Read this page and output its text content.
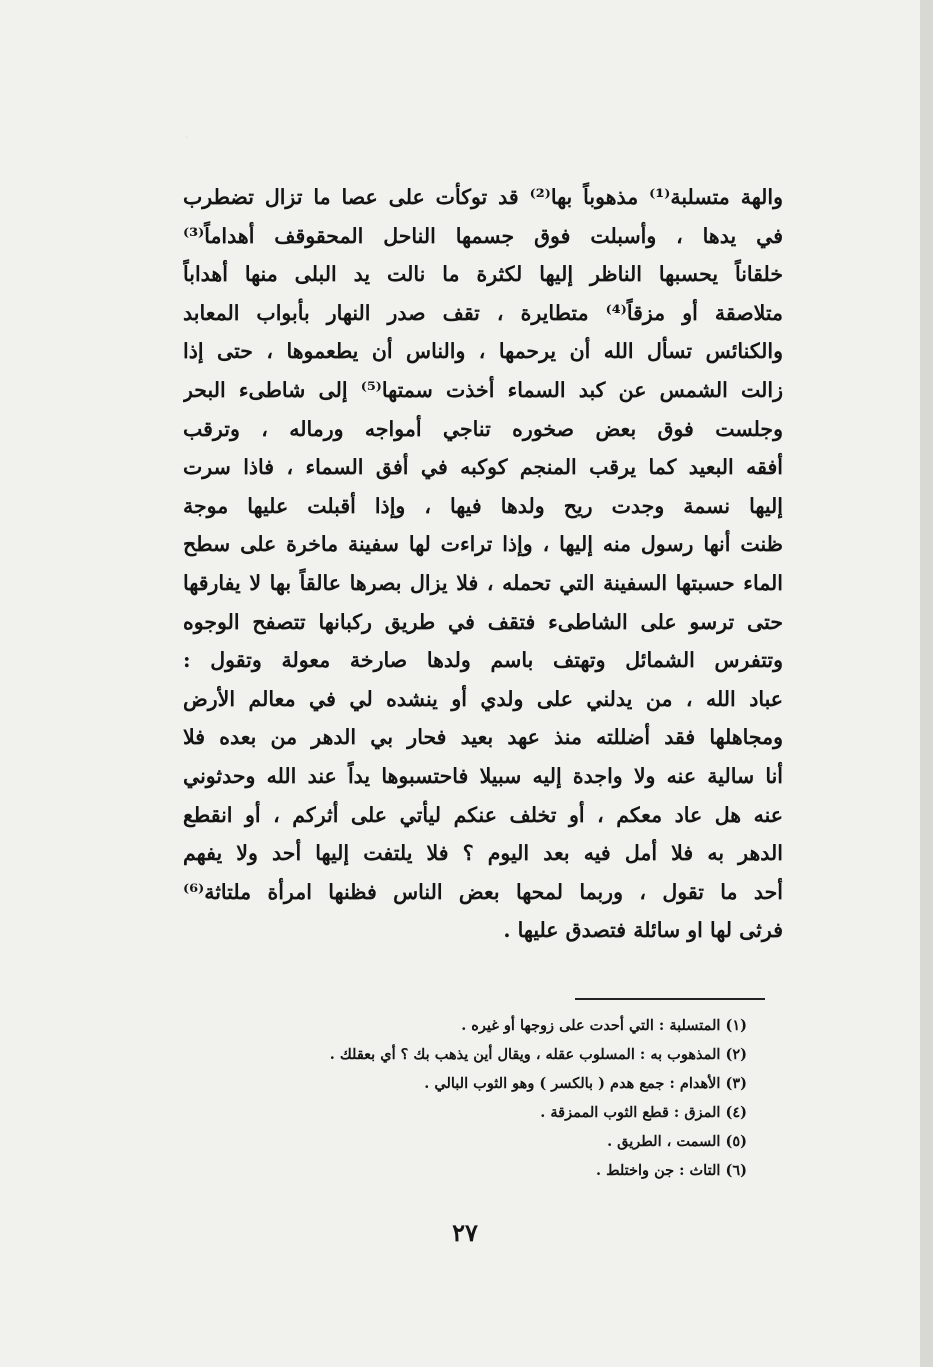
والهة متسلبة⁽¹⁾ مذهوباً بها⁽²⁾ قد توكأت على عصا ما تزال تضطرب
في يدها ، وأسبلت فوق جسمها الناحل المحقوقف أهداماً⁽³⁾
خلقاناً يحسبها الناظر إليها لكثرة ما نالت يد البلى منها أهداباً
متلاصقة أو مزقاً⁽⁴⁾ متطايرة ، تقف صدر النهار بأبواب المعابد
والكنائس تسأل الله أن يرحمها ، والناس أن يطعموها ، حتى إذا
زالت الشمس عن كبد السماء أخذت سمتها⁽⁵⁾ إلى شاطىء البحر
وجلست فوق بعض صخوره تناجي أمواجه ورماله ، وترقب
أفقه البعيد كما يرقب المنجم كوكبه في أفق السماء ، فاذا سرت
إليها نسمة وجدت ريح ولدها فيها ، وإذا أقبلت عليها موجة
ظنت أنها رسول منه إليها ، وإذا تراءت لها سفينة ماخرة على سطح
الماء حسبتها السفينة التي تحمله ، فلا يزال بصرها عالقاً بها لا يفارقها
حتى ترسو على الشاطىء فتقف في طريق ركبانها تتصفح الوجوه
وتتفرس الشمائل وتهتف باسم ولدها صارخة معولة وتقول :
عباد الله ، من يدلني على ولدي أو ينشده لي في معالم الأرض
ومجاهلها فقد أضللته منذ عهد بعيد فحار بي الدهر من بعده فلا
أنا سالية عنه ولا واجدة إليه سبيلا فاحتسبوها يداً عند الله وحدثوني
عنه هل عاد معكم ، أو تخلف عنكم ليأتي على أثركم ، أو انقطع
الدهر به فلا أمل فيه بعد اليوم ؟ فلا يلتفت إليها أحد ولا يفهم
أحد ما تقول ، وربما لمحها بعض الناس فظنها امرأة ملتاثة⁽⁶⁾
فرثى لها او سائلة فتصدق عليها .
(١) المتسلبة : التي أحدت على زوجها أو غيره .
(٢) المذهوب به : المسلوب عقله ، ويقال أين يذهب بك ؟ أي بعقلك .
(٣) الأهدام : جمع هدم ( بالكسر ) وهو الثوب البالي .
(٤) المزق : قطع الثوب الممزقة .
(٥) السمت ، الطريق .
(٦) التاث : جن واختلط .
٢٧
